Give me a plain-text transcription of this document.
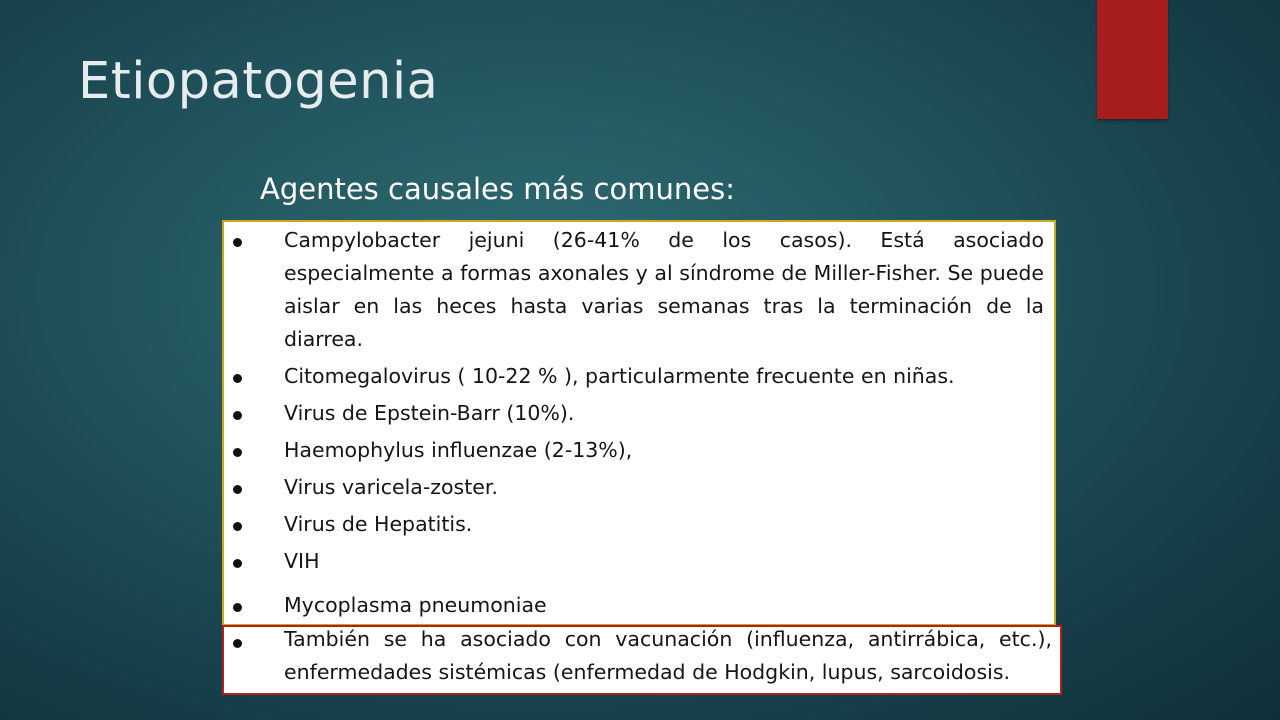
Etiopatogenia
Agentes causales más comunes:
Campylobacter jejuni (26-41% de los casos). Está asociado especialmente a formas axonales y al síndrome de Miller-Fisher. Se puede aislar en las heces hasta varias semanas tras la terminación de la diarrea.
Citomegalovirus ( 10-22 % ), particularmente frecuente en niñas.
Virus de Epstein-Barr (10%).
Haemophylus influenzae (2-13%),
Virus varicela-zoster.
Virus de Hepatitis.
VIH
Mycoplasma pneumoniae
También se ha asociado con vacunación (influenza, antirrábica, etc.), enfermedades sistémicas (enfermedad de Hodgkin, lupus, sarcoidosis.
